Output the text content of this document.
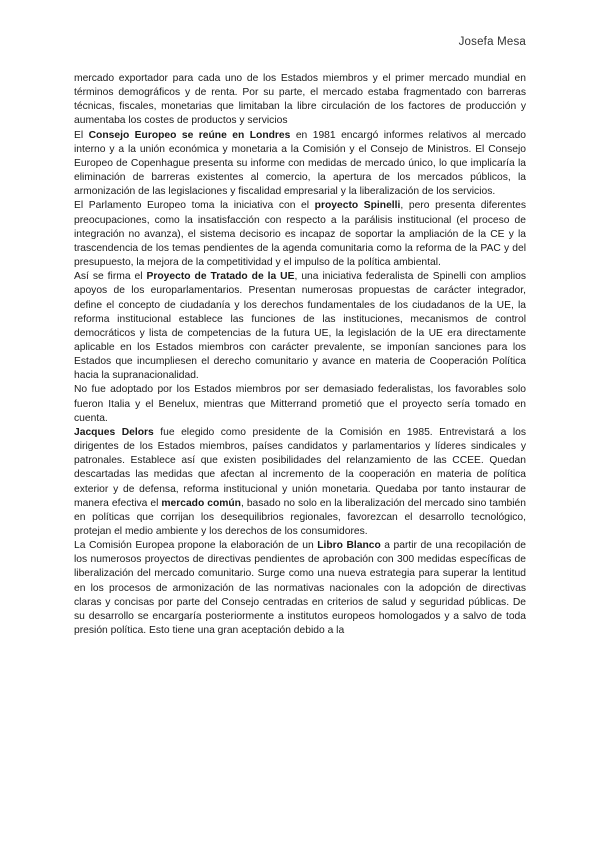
Josefa Mesa

mercado exportador para cada uno de los Estados miembros y el primer mercado mundial en términos demográficos y de renta. Por su parte, el mercado estaba fragmentado con barreras técnicas, fiscales, monetarias que limitaban la libre circulación de los factores de producción y aumentaba los costes de productos y servicios

El Consejo Europeo se reúne en Londres en 1981 encargó informes relativos al mercado interno y a la unión económica y monetaria a la Comisión y el Consejo de Ministros. El Consejo Europeo de Copenhague presenta su informe con medidas de mercado único, lo que implicaría la eliminación de barreras existentes al comercio, la apertura de los mercados públicos, la armonización de las legislaciones y fiscalidad empresarial y la liberalización de los servicios.

El Parlamento Europeo toma la iniciativa con el proyecto Spinelli, pero presenta diferentes preocupaciones, como la insatisfacción con respecto a la parálisis institucional (el proceso de integración no avanza), el sistema decisorio es incapaz de soportar la ampliación de la CE y la trascendencia de los temas pendientes de la agenda comunitaria como la reforma de la PAC y del presupuesto, la mejora de la competitividad y el impulso de la política ambiental.

Así se firma el Proyecto de Tratado de la UE, una iniciativa federalista de Spinelli con amplios apoyos de los europarlamentarios. Presentan numerosas propuestas de carácter integrador, define el concepto de ciudadanía y los derechos fundamentales de los ciudadanos de la UE, la reforma institucional establece las funciones de las instituciones, mecanismos de control democráticos y lista de competencias de la futura UE, la legislación de la UE era directamente aplicable en los Estados miembros con carácter prevalente, se imponían sanciones para los Estados que incumpliesen el derecho comunitario y avance en materia de Cooperación Política hacia la supranacionalidad.

No fue adoptado por los Estados miembros por ser demasiado federalistas, los favorables solo fueron Italia y el Benelux, mientras que Mitterrand prometió que el proyecto sería tomado en cuenta.

Jacques Delors fue elegido como presidente de la Comisión en 1985. Entrevistará a los dirigentes de los Estados miembros, países candidatos y parlamentarios y líderes sindicales y patronales. Establece así que existen posibilidades del relanzamiento de las CCEE. Quedan descartadas las medidas que afectan al incremento de la cooperación en materia de política exterior y de defensa, reforma institucional y unión monetaria. Quedaba por tanto instaurar de manera efectiva el mercado común, basado no solo en la liberalización del mercado sino también en políticas que corrijan los desequilibrios regionales, favorezcan el desarrollo tecnológico, protejan el medio ambiente y los derechos de los consumidores.

La Comisión Europea propone la elaboración de un Libro Blanco a partir de una recopilación de los numerosos proyectos de directivas pendientes de aprobación con 300 medidas específicas de liberalización del mercado comunitario. Surge como una nueva estrategia para superar la lentitud en los procesos de armonización de las normativas nacionales con la adopción de directivas claras y concisas por parte del Consejo centradas en criterios de salud y seguridad públicas. De su desarrollo se encargaría posteriormente a institutos europeos homologados y a salvo de toda presión política. Esto tiene una gran aceptación debido a la
